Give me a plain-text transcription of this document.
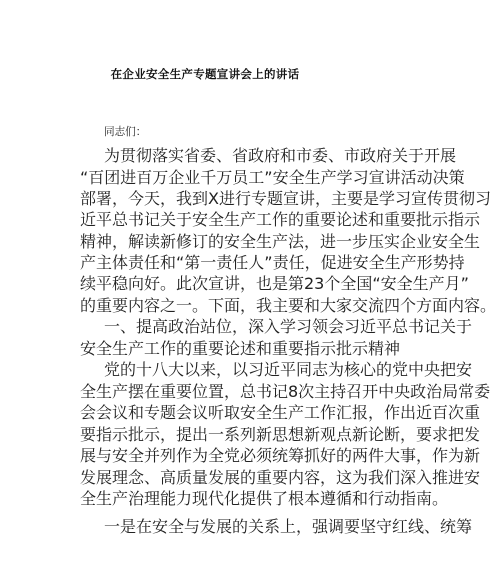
在企业安全生产专题宣讲会上的讲话
同志们：
为贯彻落实省委、省政府和市委、市政府关于开展
“百团进百万企业千万员工”安全生产学习宣讲活动决策
部署，今天，我到X进行专题宣讲，主要是学习宣传贯彻习
近平总书记关于安全生产工作的重要论述和重要批示指示
精神，解读新修订的安全生产法，进一步压实企业安全生
产主体责任和“第一责任人”责任，促进安全生产形势持
续平稳向好。此次宣讲，也是第23个全国“安全生产月”
的重要内容之一。下面，我主要和大家交流四个方面内容。
一、提高政治站位，深入学习领会习近平总书记关于
安全生产工作的重要论述和重要指示批示精神
党的十八大以来，以习近平同志为核心的党中央把安
全生产摆在重要位置，总书记8次主持召开中央政治局常委
会会议和专题会议听取安全生产工作汇报，作出近百次重
要指示批示，提出一系列新思想新观点新论断，要求把发
展与安全并列作为全党必须统筹抓好的两件大事，作为新
发展理念、高质量发展的重要内容，这为我们深入推进安
全生产治理能力现代化提供了根本遵循和行动指南。
一是在安全与发展的关系上，强调要坚守红线、统筹
